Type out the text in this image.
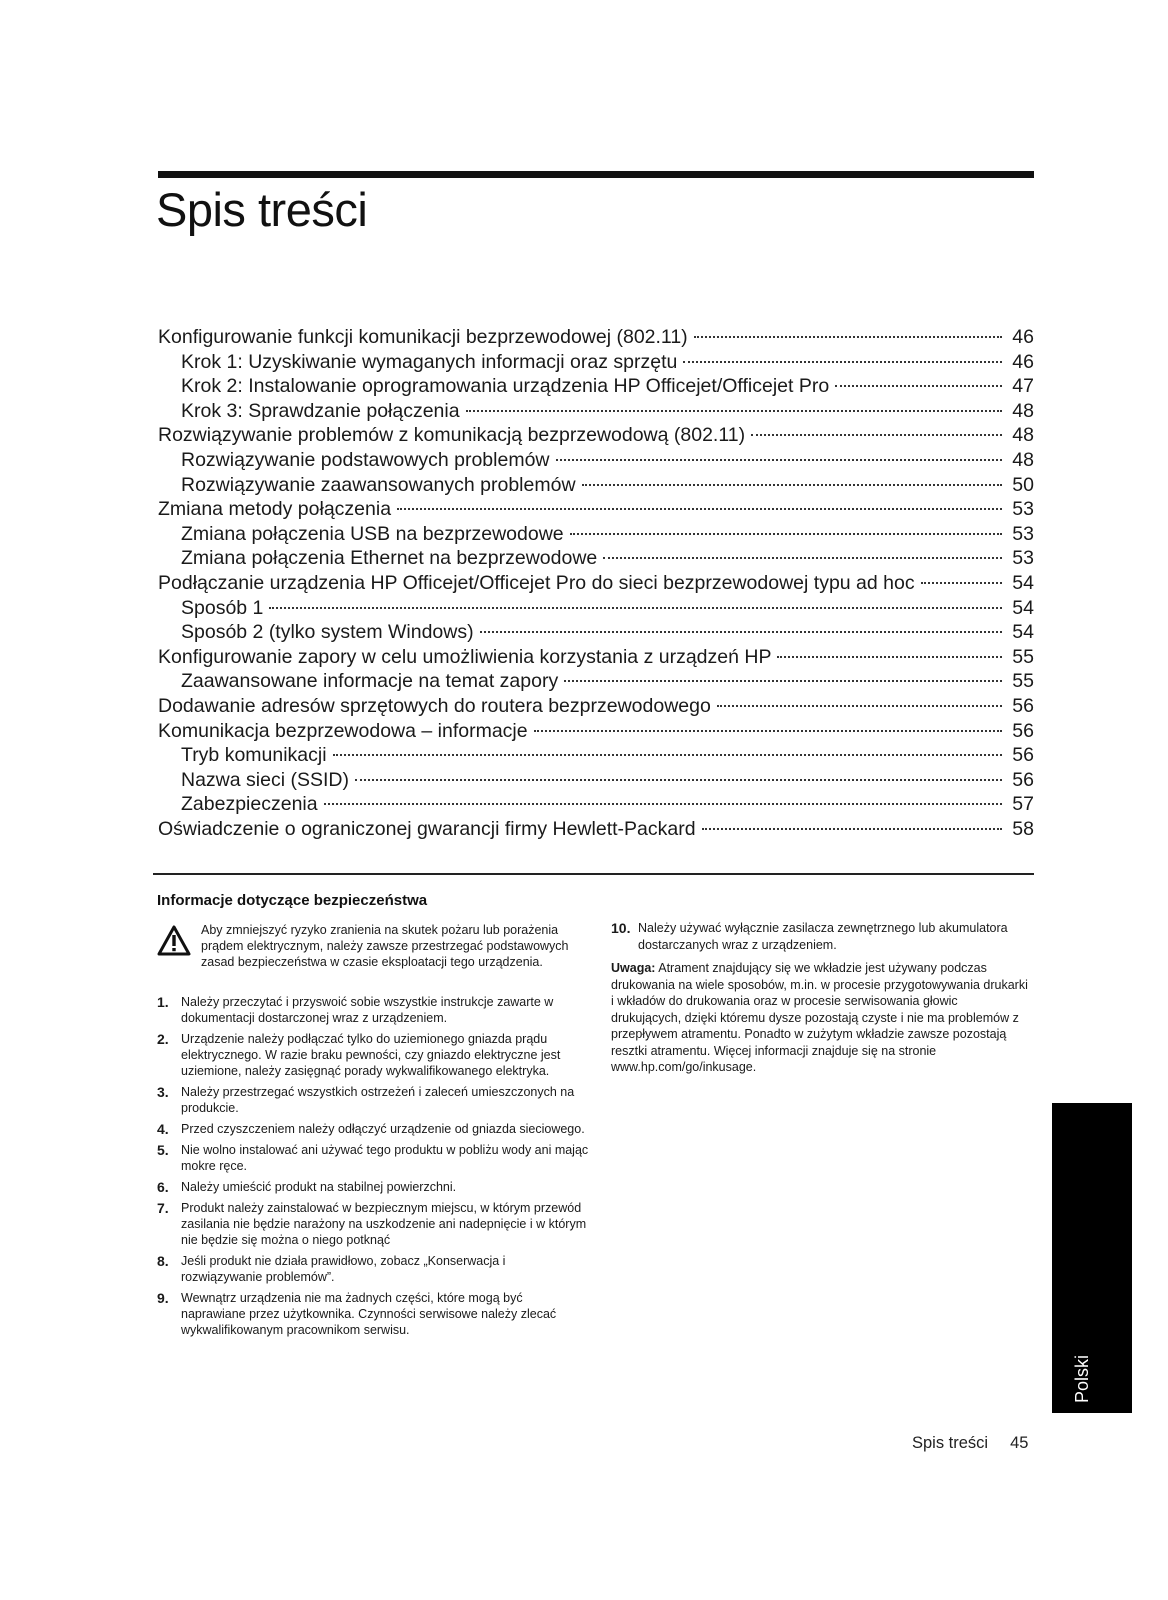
Spis treści
Konfigurowanie funkcji komunikacji bezprzewodowej (802.11)	46
Krok 1: Uzyskiwanie wymaganych informacji oraz sprzętu	46
Krok 2: Instalowanie oprogramowania urządzenia HP Officejet/Officejet Pro	47
Krok 3: Sprawdzanie połączenia	48
Rozwiązywanie problemów z komunikacją bezprzewodową (802.11)	48
Rozwiązywanie podstawowych problemów	48
Rozwiązywanie zaawansowanych problemów	50
Zmiana metody połączenia	53
Zmiana połączenia USB na bezprzewodowe	53
Zmiana połączenia Ethernet na bezprzewodowe	53
Podłączanie urządzenia HP Officejet/Officejet Pro do sieci bezprzewodowej typu ad hoc	54
Sposób 1	54
Sposób 2 (tylko system Windows)	54
Konfigurowanie zapory w celu umożliwienia korzystania z urządzeń HP	55
Zaawansowane informacje na temat zapory	55
Dodawanie adresów sprzętowych do routera bezprzewodowego	56
Komunikacja bezprzewodowa – informacje	56
Tryb komunikacji	56
Nazwa sieci (SSID)	56
Zabezpieczenia	57
Oświadczenie o ograniczonej gwarancji firmy Hewlett-Packard	58
Informacje dotyczące bezpieczeństwa

Aby zmniejszyć ryzyko zranienia na skutek pożaru lub porażenia prądem elektrycznym, należy zawsze przestrzegać podstawowych zasad bezpieczeństwa w czasie eksploatacji tego urządzenia.

1. Należy przeczytać i przyswoić sobie wszystkie instrukcje zawarte w dokumentacji dostarczonej wraz z urządzeniem.
2. Urządzenie należy podłączać tylko do uziemionego gniazda prądu elektrycznego. W razie braku pewności, czy gniazdo elektryczne jest uziemione, należy zasięgnąć porady wykwalifikowanego elektryka.
3. Należy przestrzegać wszystkich ostrzeżeń i zaleceń umieszczonych na produkcie.
4. Przed czyszczeniem należy odłączyć urządzenie od gniazda sieciowego.
5. Nie wolno instalować ani używać tego produktu w pobliżu wody ani mając mokre ręce.
6. Należy umieścić produkt na stabilnej powierzchni.
7. Produkt należy zainstalować w bezpiecznym miejscu, w którym przewód zasilania nie będzie narażony na uszkodzenie ani nadepnięcie i w którym nie będzie się można o niego potknąć
8. Jeśli produkt nie działa prawidłowo, zobacz „Konserwacja i rozwiązywanie problemów”.
9. Wewnątrz urządzenia nie ma żadnych części, które mogą być naprawiane przez użytkownika. Czynności serwisowe należy zlecać wykwalifikowanym pracownikom serwisu.
10. Należy używać wyłącznie zasilacza zewnętrznego lub akumulatora dostarczanych wraz z urządzeniem.

Uwaga: Atrament znajdujący się we wkładzie jest używany podczas drukowania na wiele sposobów, m.in. w procesie przygotowywania drukarki i wkładów do drukowania oraz w procesie serwisowania głowic drukujących, dzięki któremu dysze pozostają czyste i nie ma problemów z przepływem atramentu. Ponadto w zużytym wkładzie zawsze pozostają resztki atramentu. Więcej informacji znajduje się na stronie www.hp.com/go/inkusage.

Polski
Spis treści 45
